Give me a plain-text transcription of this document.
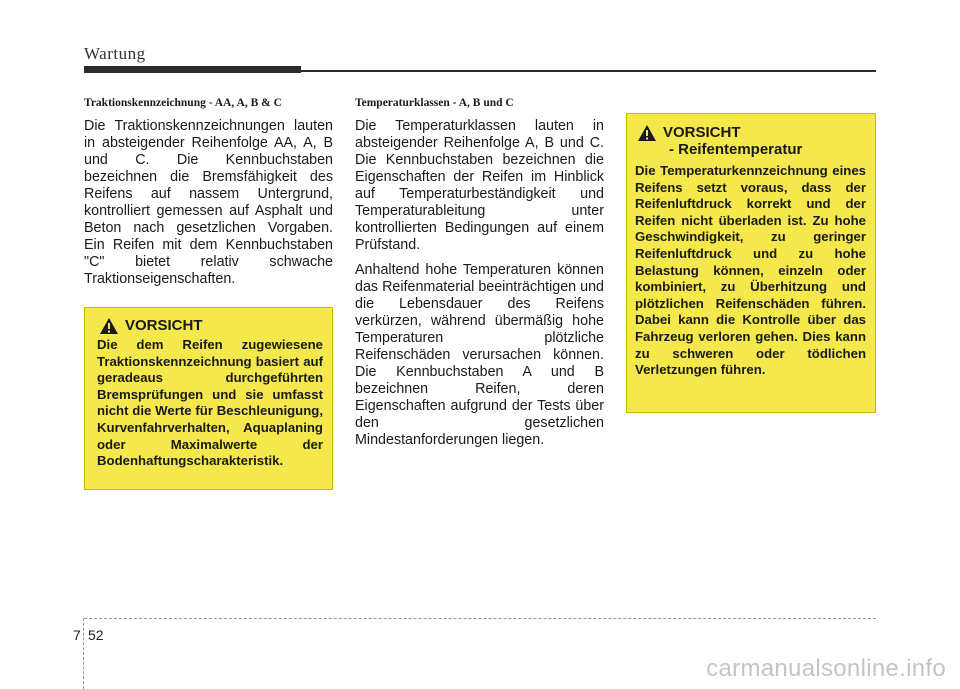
Wartung

Traktionskennzeichnung - AA, A, B & C

Die Traktionskennzeichnungen lauten in absteigender Reihenfolge AA, A, B und C. Die Kennbuchstaben bezeichnen die Bremsfähigkeit des Reifens auf nassem Untergrund, kontrolliert gemessen auf Asphalt und Beton nach gesetzlichen Vorgaben. Ein Reifen mit dem Kennbuchstaben "C" bietet relativ schwache Traktionseigenschaften.

VORSICHT

Die dem Reifen zugewiesene Traktionskennzeichnung basiert auf geradeaus durchgeführten Bremsprüfungen und sie umfasst nicht die Werte für Beschleunigung, Kurvenfahrverhalten, Aquaplaning oder Maximalwerte der Bodenhaftungscharakteristik.

Temperaturklassen - A, B und C

Die Temperaturklassen lauten in absteigender Reihenfolge A, B und C. Die Kennbuchstaben bezeichnen die Eigenschaften der Reifen im Hinblick auf Temperaturbeständigkeit und Temperaturableitung unter kontrollierten Bedingungen auf einem Prüfstand.

Anhaltend hohe Temperaturen können das Reifenmaterial beeinträchtigen und die Lebensdauer des Reifens verkürzen, während übermäßig hohe Temperaturen plötzliche Reifenschäden verursachen können. Die Kennbuchstaben A und B bezeichnen Reifen, deren Eigenschaften aufgrund der Tests über den gesetzlichen Mindestanforderungen liegen.

VORSICHT
- Reifentemperatur

Die Temperaturkennzeichnung eines Reifens setzt voraus, dass der Reifenluftdruck korrekt und der Reifen nicht überladen ist. Zu hohe Geschwindigkeit, zu geringer Reifenluftdruck und zu hohe Belastung können, einzeln oder kombiniert, zu Überhitzung und plötzlichen Reifenschäden führen. Dabei kann die Kontrolle über das Fahrzeug verloren gehen. Dies kann zu schweren oder tödlichen Verletzungen führen.

7 52
carmanualsonline.info
